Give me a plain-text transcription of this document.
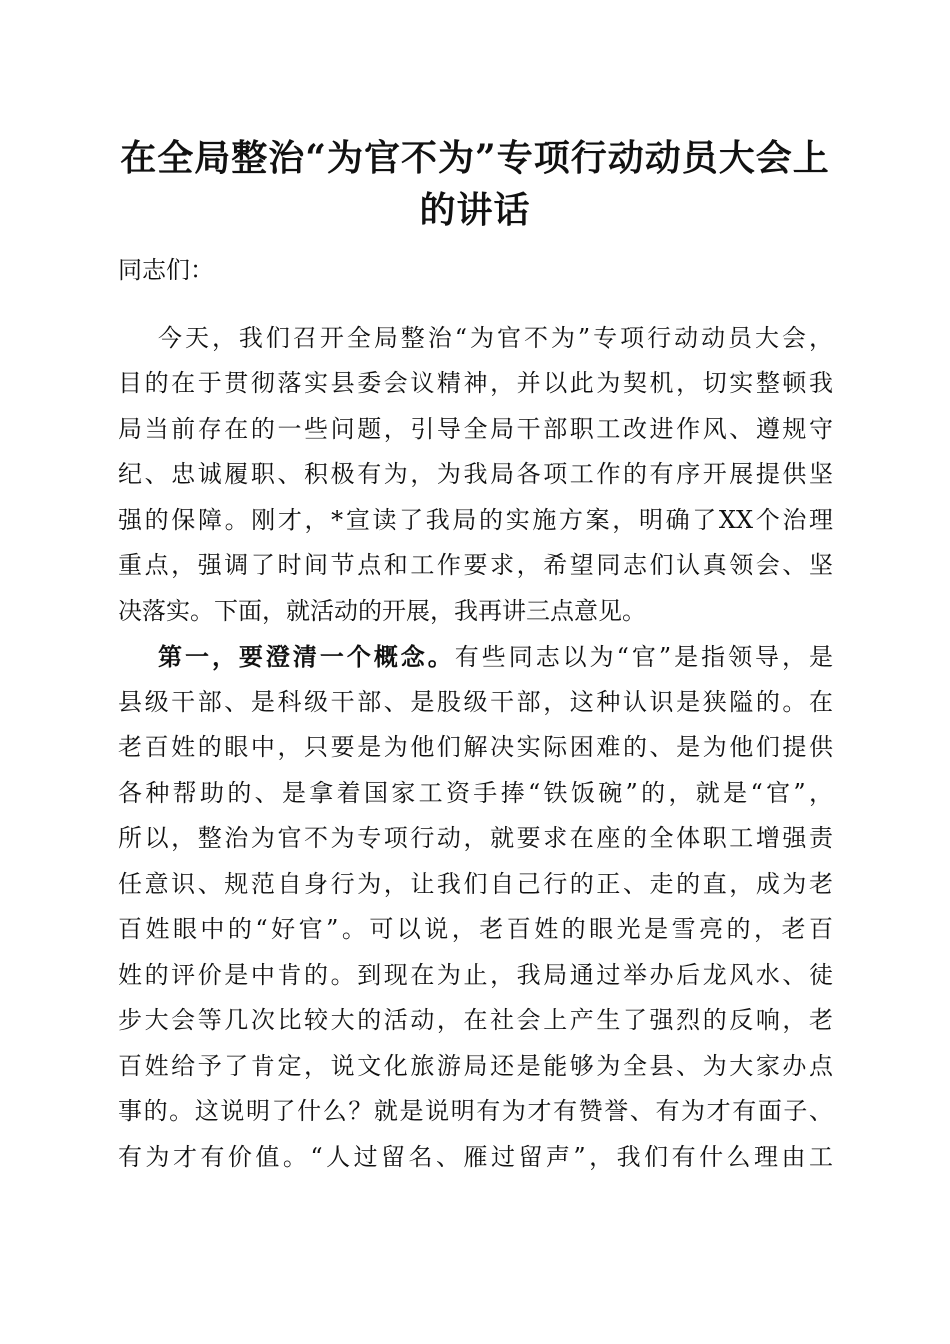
在全局整治“为官不为”专项行动动员大会上
的讲话
同志们：
今天，我们召开全局整治“为官不为”专项行动动员大会，
目的在于贯彻落实县委会议精神，并以此为契机，切实整顿我
局当前存在的一些问题，引导全局干部职工改进作风、遵规守
纪、忠诚履职、积极有为，为我局各项工作的有序开展提供坚
强的保障。刚才，*宣读了我局的实施方案，明确了XX个治理
重点，强调了时间节点和工作要求，希望同志们认真领会、坚
决落实。下面，就活动的开展，我再讲三点意见。
第一，要澄清一个概念。有些同志以为“官”是指领导，是
县级干部、是科级干部、是股级干部，这种认识是狭隘的。在
老百姓的眼中，只要是为他们解决实际困难的、是为他们提供
各种帮助的、是拿着国家工资手捧“铁饭碗”的，就是“官”，
所以，整治为官不为专项行动，就要求在座的全体职工增强责
任意识、规范自身行为，让我们自己行的正、走的直，成为老
百姓眼中的“好官”。可以说，老百姓的眼光是雪亮的，老百
姓的评价是中肯的。到现在为止，我局通过举办后龙风水、徒
步大会等几次比较大的活动，在社会上产生了强烈的反响，老
百姓给予了肯定，说文化旅游局还是能够为全县、为大家办点
事的。这说明了什么？就是说明有为才有赞誉、有为才有面子、
有为才有价值。“人过留名、雁过留声”，我们有什么理由工
